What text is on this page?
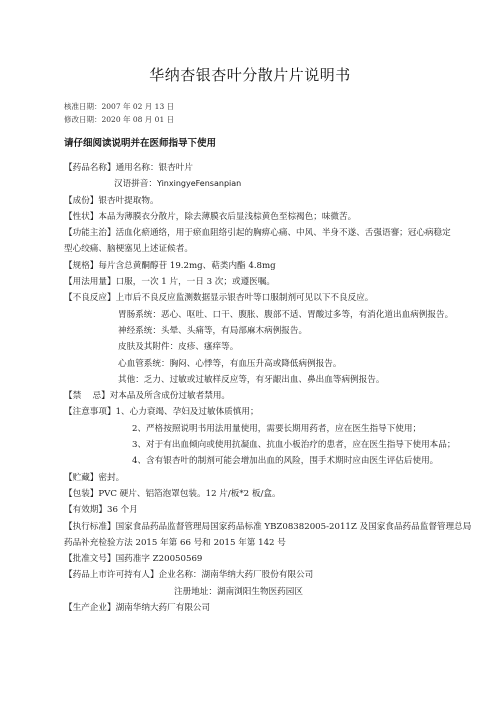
华纳杏银杏叶分散片片说明书
核准日期：2007 年 02 月 13 日
修改日期：2020 年 08 月 01 日
请仔细阅读说明并在医师指导下使用
【药品名称】通用名称：银杏叶片
汉语拼音：YinxingyeFensanpian
【成份】银杏叶提取物。
【性状】本品为薄膜衣分散片，除去薄膜衣后显浅棕黄色至棕褐色；味微苦。
【功能主治】活血化瘀通络，用于瘀血阻络引起的胸痹心痛、中风、半身不遂、舌强语謇；冠心病稳定
型心绞痛、脑梗塞见上述证候者。
【规格】每片含总黄酮醇苷 19.2mg、萜类内酯 4.8mg
【用法用量】口服，一次 1 片，一日 3 次；或遵医嘱。
【不良反应】上市后不良反应监测数据显示银杏叶等口服制剂可见以下不良反应。
胃肠系统：恶心、呕吐、口干、腹胀、腹部不适、胃酸过多等，有消化道出血病例报告。
神经系统：头晕、头痛等，有局部麻木病例报告。
皮肤及其附件：皮疹、瘙痒等。
心血管系统：胸闷、心悸等，有血压升高或降低病例报告。
其他：乏力、过敏或过敏样反应等，有牙龈出血、鼻出血等病例报告。
【禁　 忌】对本品及所含成份过敏者禁用。
【注意事项】1、心力衰竭、孕妇及过敏体质慎用；
2、严格按照说明书用法用量使用，需要长期用药者，应在医生指导下使用；
3、对于有出血倾向或使用抗凝血、抗血小板治疗的患者，应在医生指导下使用本品；
4、含有银杏叶的制剂可能会增加出血的风险，围手术期时应由医生评估后使用。
【贮藏】密封。
【包装】PVC 硬片、铝箔泡罩包装。12 片/板*2 板/盒。
【有效期】36 个月
【执行标准】国家食品药品监督管理局国家药品标准 YBZ08382005-2011Z 及国家食品药品监督管理总局
药品补充检验方法 2015 年第 66 号和 2015 年第 142 号
【批准文号】国药准字 Z20050569
【药品上市许可持有人】企业名称：湖南华纳大药厂股份有限公司
注册地址：湖南浏阳生物医药园区
【生产企业】湖南华纳大药厂有限公司
